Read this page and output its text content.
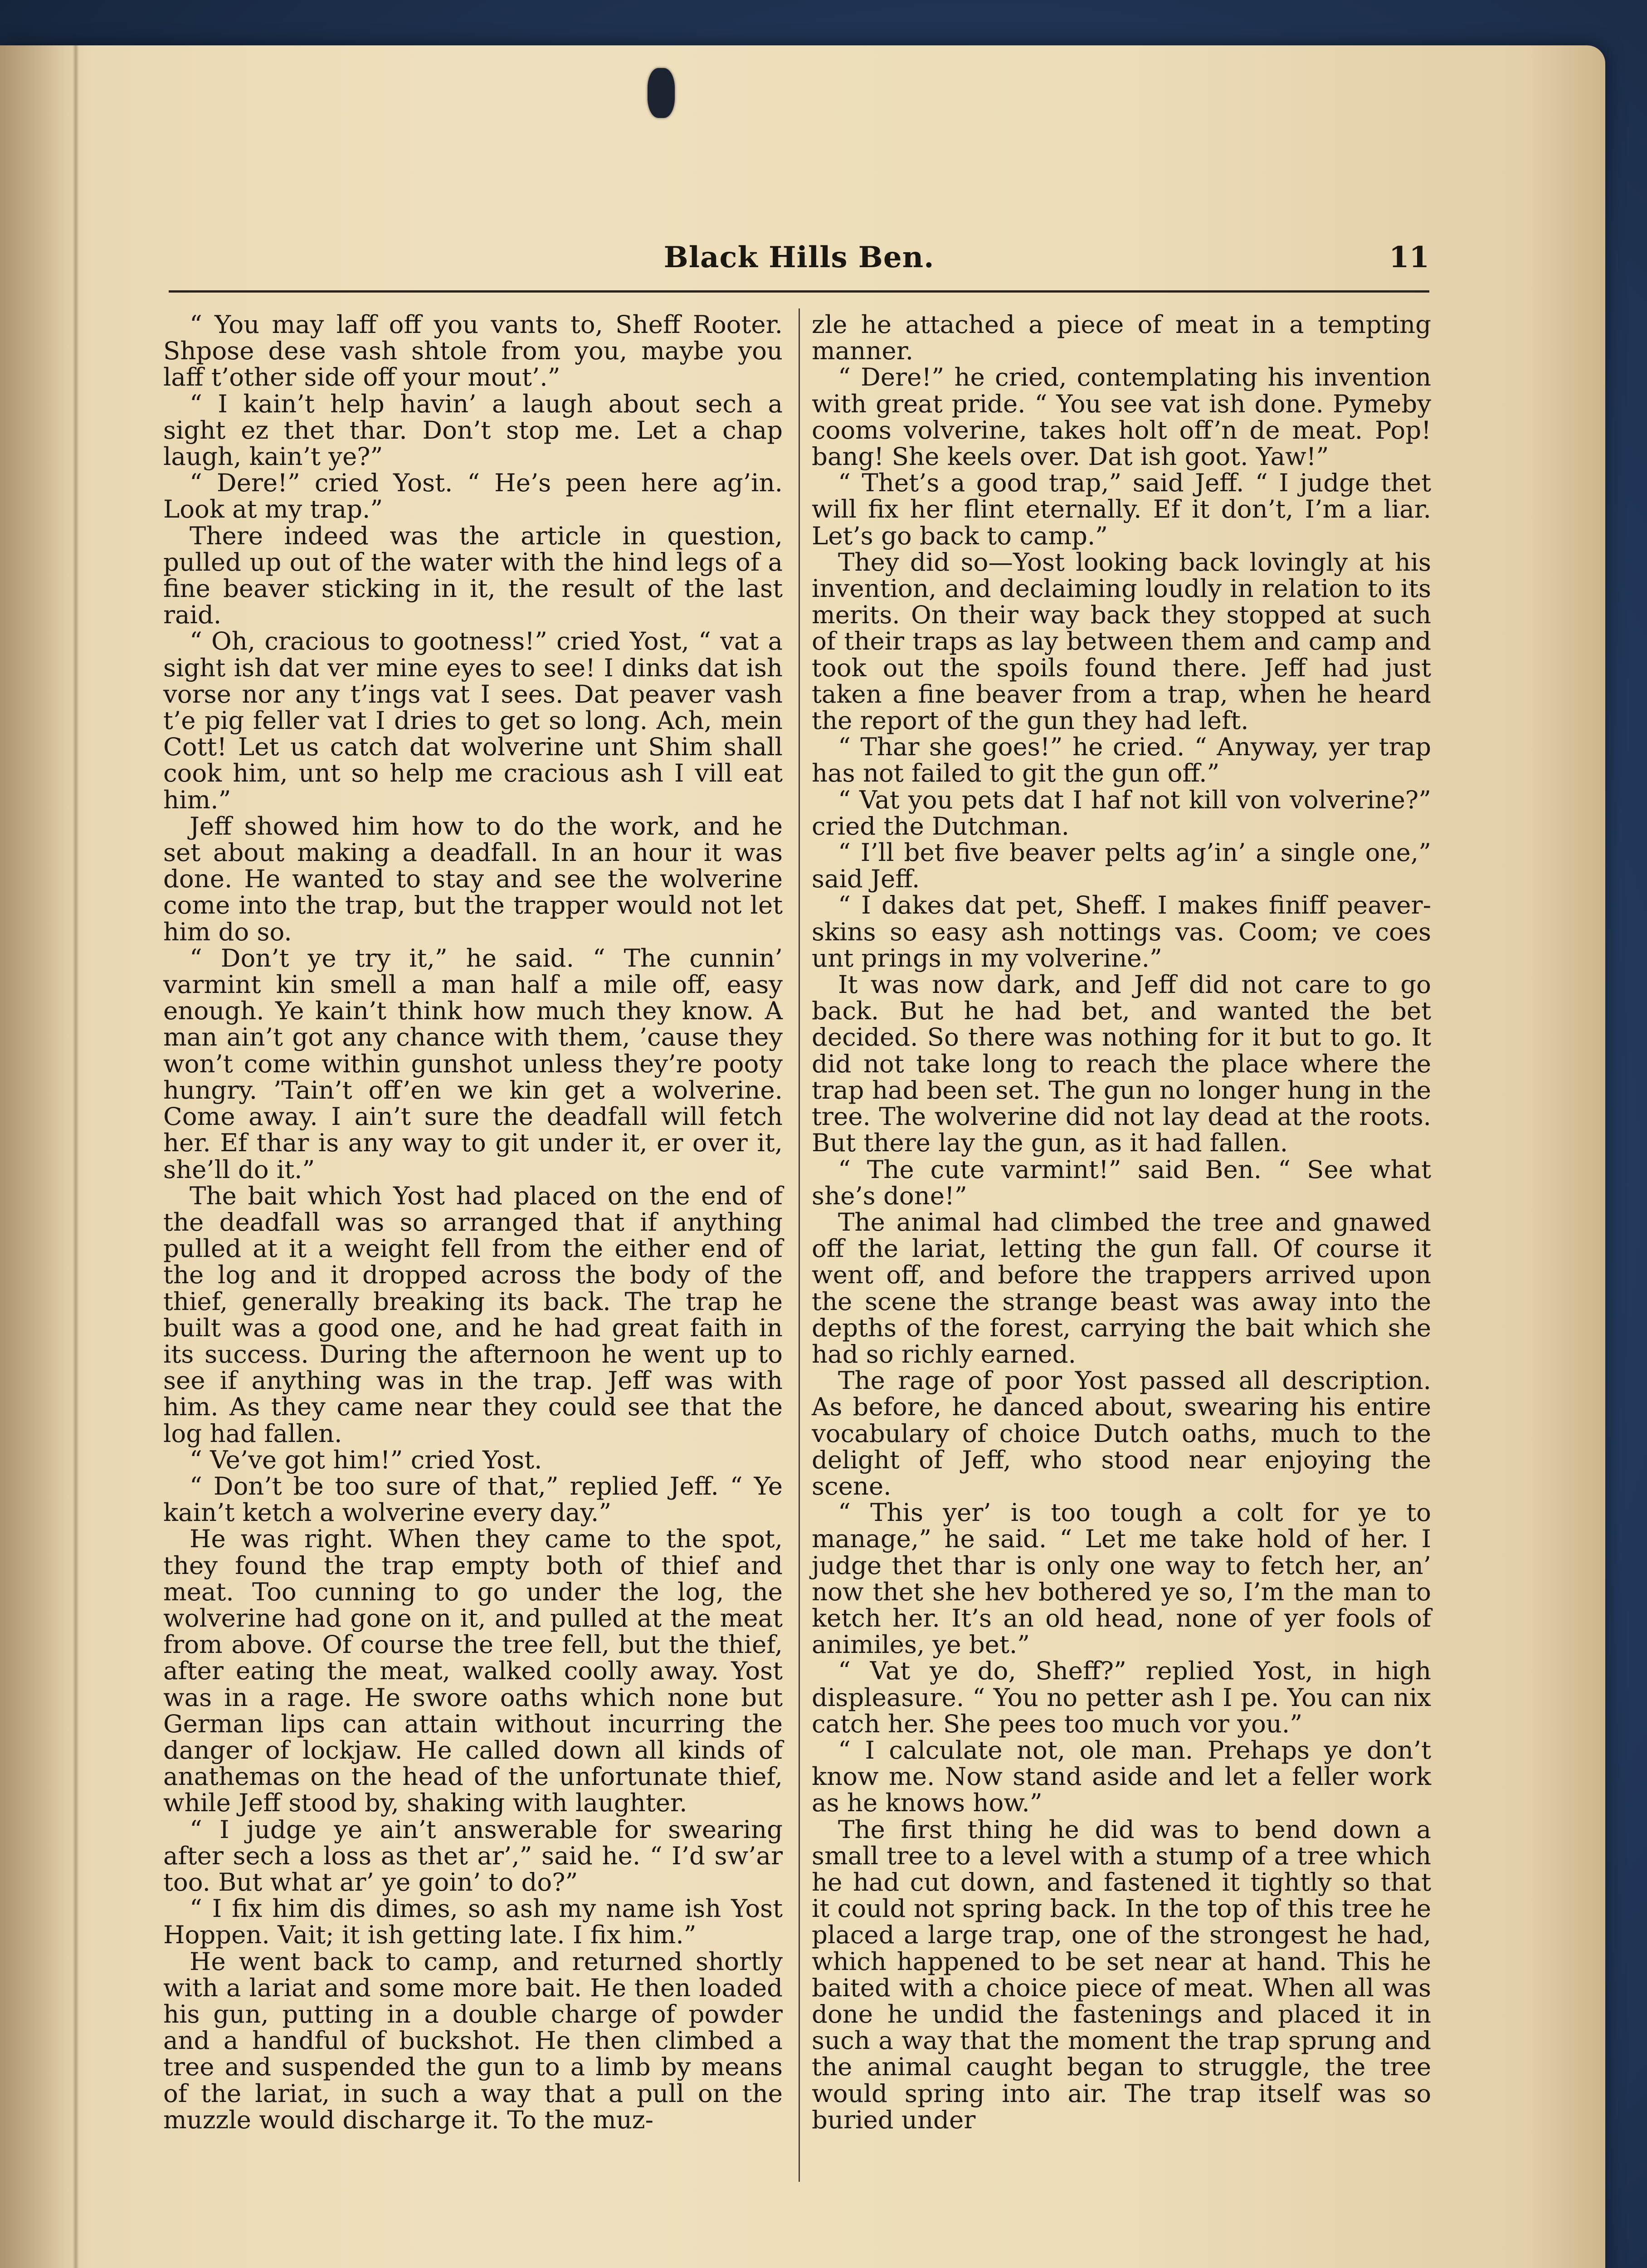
Black Hills Ben.	11

“ You may laff off you vants to, Sheff Rooter. Shpose dese vash shtole from you, maybe you laff t’other side off your mout’.”

“ I kain’t help havin’ a laugh about sech a sight ez thet thar. Don’t stop me. Let a chap laugh, kain’t ye?”

“ Dere!” cried Yost. “ He’s peen here ag’in. Look at my trap.”

There indeed was the article in question, pulled up out of the water with the hind legs of a fine beaver sticking in it, the result of the last raid.

“ Oh, cracious to gootness!” cried Yost, “ vat a sight ish dat ver mine eyes to see! I dinks dat ish vorse nor any t’ings vat I sees. Dat peaver vash t’e pig feller vat I dries to get so long. Ach, mein Cott! Let us catch dat wolverine unt Shim shall cook him, unt so help me cracious ash I vill eat him.”

Jeff showed him how to do the work, and he set about making a deadfall. In an hour it was done. He wanted to stay and see the wolverine come into the trap, but the trapper would not let him do so.

“ Don’t ye try it,” he said. “ The cunnin’ varmint kin smell a man half a mile off, easy enough. Ye kain’t think how much they know. A man ain’t got any chance with them, ’cause they won’t come within gunshot unless they’re pooty hungry. ’Tain’t off’en we kin get a wolverine. Come away. I ain’t sure the deadfall will fetch her. Ef thar is any way to git under it, er over it, she’ll do it.”

The bait which Yost had placed on the end of the deadfall was so arranged that if anything pulled at it a weight fell from the either end of the log and it dropped across the body of the thief, generally breaking its back. The trap he built was a good one, and he had great faith in its success. During the afternoon he went up to see if anything was in the trap. Jeff was with him. As they came near they could see that the log had fallen.

“ Ve’ve got him!” cried Yost.

“ Don’t be too sure of that,” replied Jeff. “ Ye kain’t ketch a wolverine every day.”

He was right. When they came to the spot, they found the trap empty both of thief and meat. Too cunning to go under the log, the wolverine had gone on it, and pulled at the meat from above. Of course the tree fell, but the thief, after eating the meat, walked coolly away. Yost was in a rage. He swore oaths which none but German lips can attain without incurring the danger of lockjaw. He called down all kinds of anathemas on the head of the unfortunate thief, while Jeff stood by, shaking with laughter.

“ I judge ye ain’t answerable for swearing after sech a loss as thet ar’,” said he. “ I’d sw’ar too. But what ar’ ye goin’ to do?”

“ I fix him dis dimes, so ash my name ish Yost Hoppen. Vait; it ish getting late. I fix him.”

He went back to camp, and returned shortly with a lariat and some more bait. He then loaded his gun, putting in a double charge of powder and a handful of buckshot. He then climbed a tree and suspended the gun to a limb by means of the lariat, in such a way that a pull on the muzzle would discharge it. To the muz-

zle he attached a piece of meat in a tempting manner.

“ Dere!” he cried, contemplating his invention with great pride. “ You see vat ish done. Pymeby cooms volverine, takes holt off’n de meat. Pop! bang! She keels over. Dat ish goot. Yaw!”

“ Thet’s a good trap,” said Jeff. “ I judge thet will fix her flint eternally. Ef it don’t, I’m a liar. Let’s go back to camp.”

They did so—Yost looking back lovingly at his invention, and declaiming loudly in relation to its merits. On their way back they stopped at such of their traps as lay between them and camp and took out the spoils found there. Jeff had just taken a fine beaver from a trap, when he heard the report of the gun they had left.

“ Thar she goes!” he cried. “ Anyway, yer trap has not failed to git the gun off.”

“ Vat you pets dat I haf not kill von volverine?” cried the Dutchman.

“ I’ll bet five beaver pelts ag’in’ a single one,” said Jeff.

“ I dakes dat pet, Sheff. I makes finiff peaver-skins so easy ash nottings vas. Coom; ve coes unt prings in my volverine.”

It was now dark, and Jeff did not care to go back. But he had bet, and wanted the bet decided. So there was nothing for it but to go. It did not take long to reach the place where the trap had been set. The gun no longer hung in the tree. The wolverine did not lay dead at the roots. But there lay the gun, as it had fallen.

“ The cute varmint!” said Ben. “ See what she’s done!”

The animal had climbed the tree and gnawed off the lariat, letting the gun fall. Of course it went off, and before the trappers arrived upon the scene the strange beast was away into the depths of the forest, carrying the bait which she had so richly earned.

The rage of poor Yost passed all description. As before, he danced about, swearing his entire vocabulary of choice Dutch oaths, much to the delight of Jeff, who stood near enjoying the scene.

“ This yer’ is too tough a colt for ye to manage,” he said. “ Let me take hold of her. I judge thet thar is only one way to fetch her, an’ now thet she hev bothered ye so, I’m the man to ketch her. It’s an old head, none of yer fools of animiles, ye bet.”

“ Vat ye do, Sheff?” replied Yost, in high displeasure. “ You no petter ash I pe. You can nix catch her. She pees too much vor you.”

“ I calculate not, ole man. Prehaps ye don’t know me. Now stand aside and let a feller work as he knows how.”

The first thing he did was to bend down a small tree to a level with a stump of a tree which he had cut down, and fastened it tightly so that it could not spring back. In the top of this tree he placed a large trap, one of the strongest he had, which happened to be set near at hand. This he baited with a choice piece of meat. When all was done he undid the fastenings and placed it in such a way that the moment the trap sprung and the animal caught began to struggle, the tree would spring into air. The trap itself was so buried under
